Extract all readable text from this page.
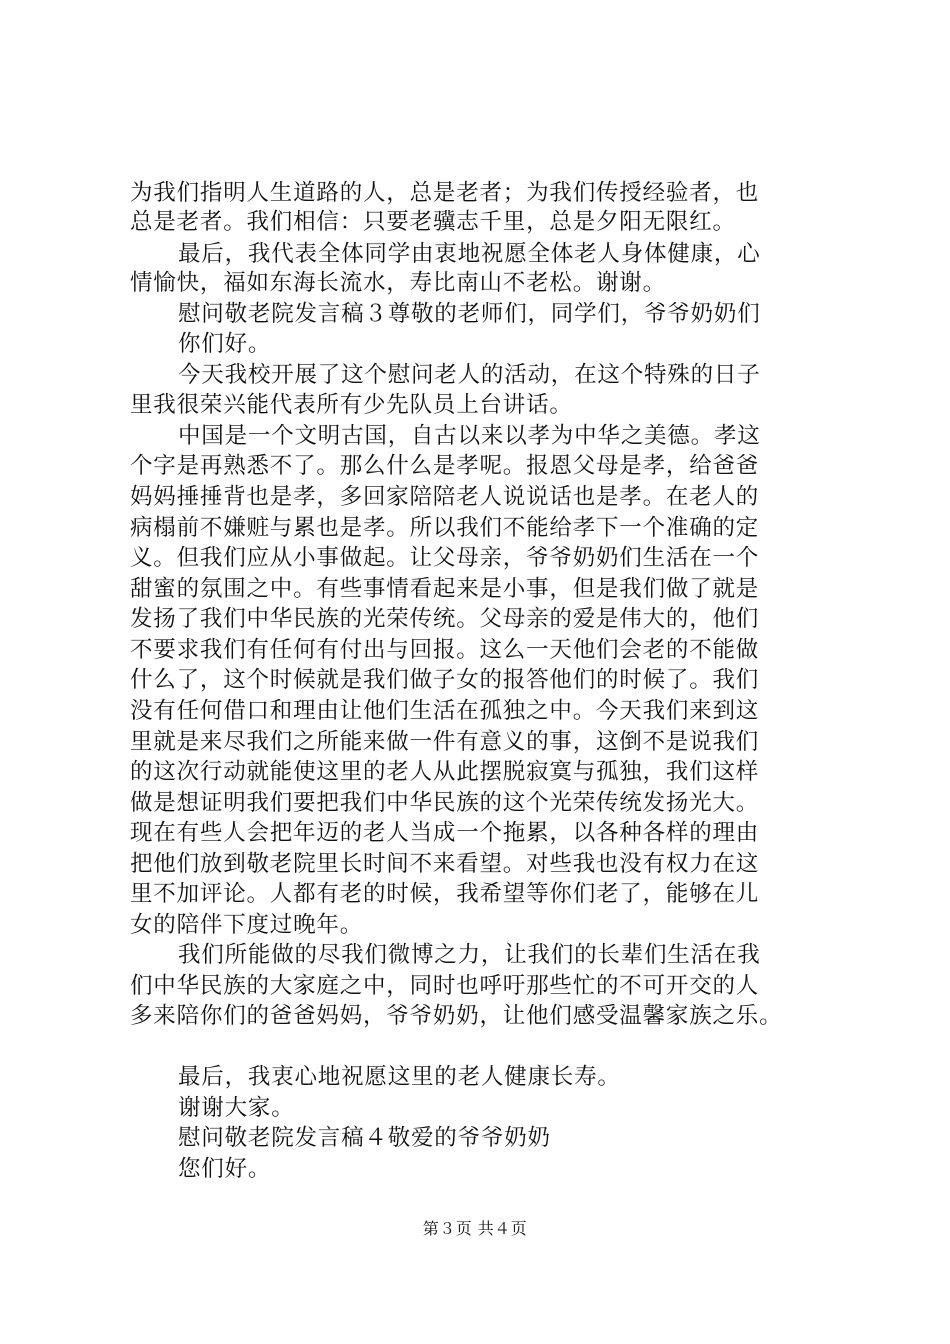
为我们指明人生道路的人，总是老者；为我们传授经验者，也
总是老者。我们相信：只要老骥志千里，总是夕阳无限红。
最后，我代表全体同学由衷地祝愿全体老人身体健康，心
情愉快，福如东海长流水，寿比南山不老松。谢谢。
慰问敬老院发言稿３尊敬的老师们，同学们，爷爷奶奶们
你们好。
今天我校开展了这个慰问老人的活动，在这个特殊的日子
里我很荣兴能代表所有少先队员上台讲话。
中国是一个文明古国，自古以来以孝为中华之美德。孝这
个字是再熟悉不了。那么什么是孝呢。报恩父母是孝，给爸爸
妈妈捶捶背也是孝，多回家陪陪老人说说话也是孝。在老人的
病榻前不嫌赃与累也是孝。所以我们不能给孝下一个准确的定
义。但我们应从小事做起。让父母亲，爷爷奶奶们生活在一个
甜蜜的氛围之中。有些事情看起来是小事，但是我们做了就是
发扬了我们中华民族的光荣传统。父母亲的爱是伟大的，他们
不要求我们有任何有付出与回报。这么一天他们会老的不能做
什么了，这个时候就是我们做子女的报答他们的时候了。我们
没有任何借口和理由让他们生活在孤独之中。今天我们来到这
里就是来尽我们之所能来做一件有意义的事，这倒不是说我们
的这次行动就能使这里的老人从此摆脱寂寞与孤独，我们这样
做是想证明我们要把我们中华民族的这个光荣传统发扬光大。
现在有些人会把年迈的老人当成一个拖累，以各种各样的理由
把他们放到敬老院里长时间不来看望。对些我也没有权力在这
里不加评论。人都有老的时候，我希望等你们老了，能够在儿
女的陪伴下度过晚年。
我们所能做的尽我们微博之力，让我们的长辈们生活在我
们中华民族的大家庭之中，同时也呼吁那些忙的不可开交的人
多来陪你们的爸爸妈妈，爷爷奶奶，让他们感受温馨家族之乐。
最后，我衷心地祝愿这里的老人健康长寿。
谢谢大家。
慰问敬老院发言稿４敬爱的爷爷奶奶
您们好。
第３页 共４页
